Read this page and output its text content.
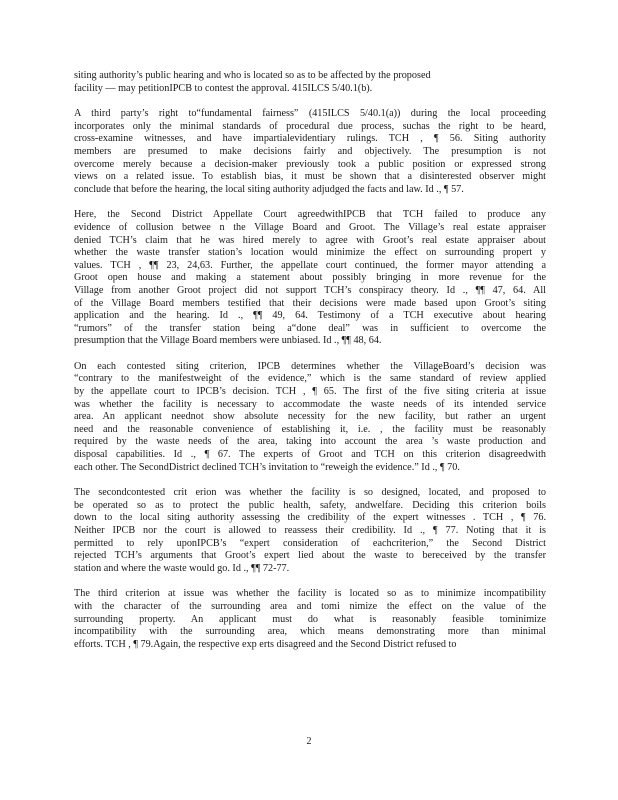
siting authority’s public hearing and who is located so as to be affected by the proposed
facility — may petitionIPCB to contest the approval. 415ILCS 5/40.1(b).
A third party’s right to“fundamental fairness” (415ILCS 5/40.1(a)) during the local proceeding
incorporates only the minimal standards of procedural due process, suchas the right to be heard,
cross-examine witnesses, and have impartialevidentiary rulings. TCH , ¶ 56. Siting authority
members are presumed to make decisions fairly and objectively. The presumption is not
overcome merely because a decision-maker previously took a public position or expressed strong
views on a related issue. To establish bias, it must be shown that a disinterested observer might
conclude that before the hearing, the local siting authority adjudged the facts and law. Id ., ¶ 57.
Here, the Second District Appellate Court agreedwithIPCB that TCH failed to produce any
evidence of collusion betwee n the Village Board and Groot. The Village’s real estate appraiser
denied TCH’s claim that he was hired merely to agree with Groot’s real estate appraiser about
whether the waste transfer station’s location would minimize the effect on surrounding propert y
values. TCH , ¶¶ 23, 24,63. Further, the appellate court continued, the former mayor attending a
Groot open house and making a statement about possibly bringing in more revenue for the
Village from another Groot project did not support TCH’s conspiracy theory. Id ., ¶¶ 47, 64. All
of the Village Board members testified that their decisions were made based upon Groot’s siting
application and the hearing. Id ., ¶¶ 49, 64. Testimony of a TCH executive about hearing
“rumors” of the transfer station being a“done deal” was in sufficient to overcome the
presumption that the Village Board members were unbiased. Id ., ¶¶ 48, 64.
On each contested siting criterion, IPCB determines whether the VillageBoard’s decision was
“contrary to the manifestweight of the evidence,” which is the same standard of review applied
by the appellate court to IPCB’s decision. TCH , ¶ 65. The first of the five siting criteria at issue
was whether the facility is necessary to accommodate the waste needs of its intended service
area. An applicant neednot show absolute necessity for the new facility, but rather an urgent
need and the reasonable convenience of establishing it, i.e. , the facility must be reasonably
required by the waste needs of the area, taking into account the area ’s waste production and
disposal capabilities. Id ., ¶ 67. The experts of Groot and TCH on this criterion disagreedwith
each other. The SecondDistrict declined TCH’s invitation to “reweigh the evidence.” Id ., ¶ 70.
The secondcontested crit erion was whether the facility is so designed, located, and proposed to
be operated so as to protect the public health, safety, andwelfare. Deciding this criterion boils
down to the local siting authority assessing the credibility of the expert witnesses . TCH , ¶ 76.
Neither IPCB nor the court is allowed to reassess their credibility. Id ., ¶ 77. Noting that it is
permitted to rely uponIPCB’s “expert consideration of eachcriterion,” the Second District
rejected TCH’s arguments that Groot’s expert lied about the waste to bereceived by the transfer
station and where the waste would go. Id ., ¶¶ 72-77.
The third criterion at issue was whether the facility is located so as to minimize incompatibility
with the character of the surrounding area and tomi nimize the effect on the value of the
surrounding property. An applicant must do what is reasonably feasible tominimize
incompatibility with the surrounding area, which means demonstrating more than minimal
efforts. TCH , ¶ 79.Again, the respective exp erts disagreed and the Second District refused to
2
